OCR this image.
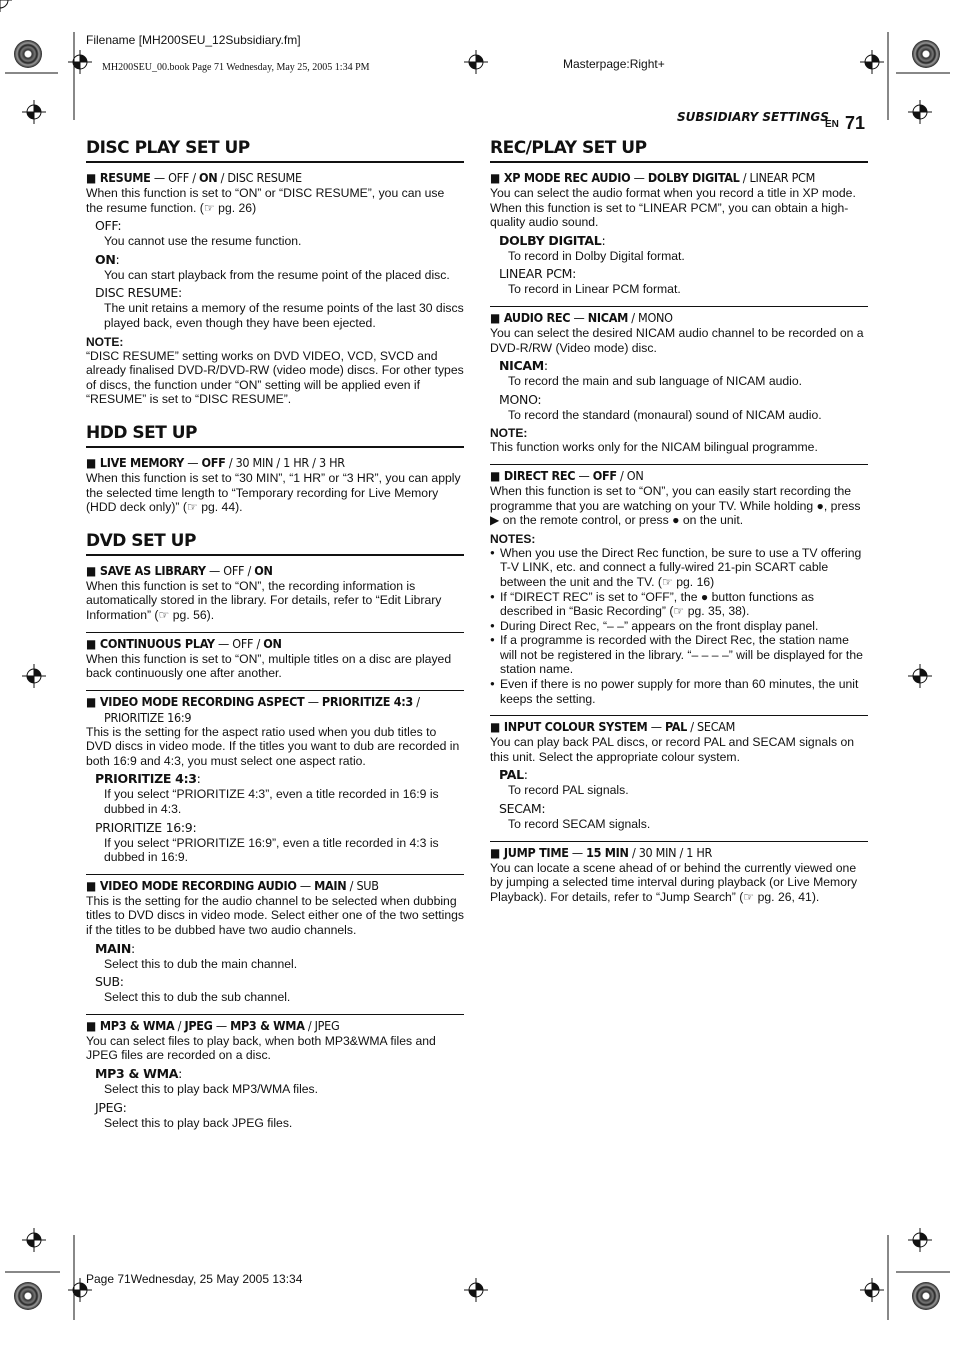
Filename [MH200SEU_12Subsidiary.fm]
MH200SEU_00.book Page 71 Wednesday, May 25, 2005 1:34 PM	Masterpage:Right+
SUBSIDIARY SETTINGS
EN 71
DISC PLAY SET UP
■ RESUME — OFF / ON / DISC RESUME
When this function is set to “ON” or “DISC RESUME”, you can use the resume function. (☞ pg. 26)
OFF:
You cannot use the resume function.
ON:
You can start playback from the resume point of the placed disc.
DISC RESUME:
The unit retains a memory of the resume points of the last 30 discs played back, even though they have been ejected.
NOTE:
“DISC RESUME” setting works on DVD VIDEO, VCD, SVCD and already finalised DVD-R/DVD-RW (video mode) discs. For other types of discs, the function under “ON” setting will be applied even if “RESUME” is set to “DISC RESUME”.
HDD SET UP
■ LIVE MEMORY — OFF / 30 MIN / 1 HR / 3 HR
When this function is set to “30 MIN”, “1 HR” or “3 HR”, you can apply the selected time length to “Temporary recording for Live Memory (HDD deck only)” (☞ pg. 44).
DVD SET UP
■ SAVE AS LIBRARY — OFF / ON
When this function is set to “ON”, the recording information is automatically stored in the library. For details, refer to “Edit Library Information” (☞ pg. 56).
■ CONTINUOUS PLAY — OFF / ON
When this function is set to “ON”, multiple titles on a disc are played back continuously one after another.
■ VIDEO MODE RECORDING ASPECT — PRIORITIZE 4:3 /
PRIORITIZE 16:9
This is the setting for the aspect ratio used when you dub titles to DVD discs in video mode. If the titles you want to dub are recorded in both 16:9 and 4:3, you must select one aspect ratio.
PRIORITIZE 4:3:
If you select “PRIORITIZE 4:3”, even a title recorded in 16:9 is dubbed in 4:3.
PRIORITIZE 16:9:
If you select “PRIORITIZE 16:9”, even a title recorded in 4:3 is dubbed in 16:9.
■ VIDEO MODE RECORDING AUDIO — MAIN / SUB
This is the setting for the audio channel to be selected when dubbing titles to DVD discs in video mode. Select either one of the two settings if the titles to be dubbed have two audio channels.
MAIN:
Select this to dub the main channel.
SUB:
Select this to dub the sub channel.
■ MP3 & WMA / JPEG — MP3 & WMA / JPEG
You can select files to play back, when both MP3&WMA files and JPEG files are recorded on a disc.
MP3 & WMA:
Select this to play back MP3/WMA files.
JPEG:
Select this to play back JPEG files.
REC/PLAY SET UP
■ XP MODE REC AUDIO — DOLBY DIGITAL / LINEAR PCM
You can select the audio format when you record a title in XP mode. When this function is set to “LINEAR PCM”, you can obtain a high-quality audio sound.
DOLBY DIGITAL:
To record in Dolby Digital format.
LINEAR PCM:
To record in Linear PCM format.
■ AUDIO REC — NICAM / MONO
You can select the desired NICAM audio channel to be recorded on a DVD-R/RW (Video mode) disc.
NICAM:
To record the main and sub language of NICAM audio.
MONO:
To record the standard (monaural) sound of NICAM audio.
NOTE:
This function works only for the NICAM bilingual programme.
■ DIRECT REC — OFF / ON
When this function is set to “ON”, you can easily start recording the programme that you are watching on your TV. While holding ●, press ▶ on the remote control, or press ● on the unit.
NOTES:
● When you use the Direct Rec function, be sure to use a TV offering T-V LINK, etc. and connect a fully-wired 21-pin SCART cable between the unit and the TV. (☞ pg. 16)
● If “DIRECT REC” is set to “OFF”, the ● button functions as described in “Basic Recording” (☞ pg. 35, 38).
● During Direct Rec, “– –” appears on the front display panel.
● If a programme is recorded with the Direct Rec, the station name will not be registered in the library. “– – – –” will be displayed for the station name.
● Even if there is no power supply for more than 60 minutes, the unit keeps the setting.
■ INPUT COLOUR SYSTEM — PAL / SECAM
You can play back PAL discs, or record PAL and SECAM signals on this unit. Select the appropriate colour system.
PAL:
To record PAL signals.
SECAM:
To record SECAM signals.
■ JUMP TIME — 15 MIN / 30 MIN / 1 HR
You can locate a scene ahead of or behind the currently viewed one by jumping a selected time interval during playback (or Live Memory Playback). For details, refer to “Jump Search” (☞ pg. 26, 41).
Page 71Wednesday, 25 May 2005 13:34
